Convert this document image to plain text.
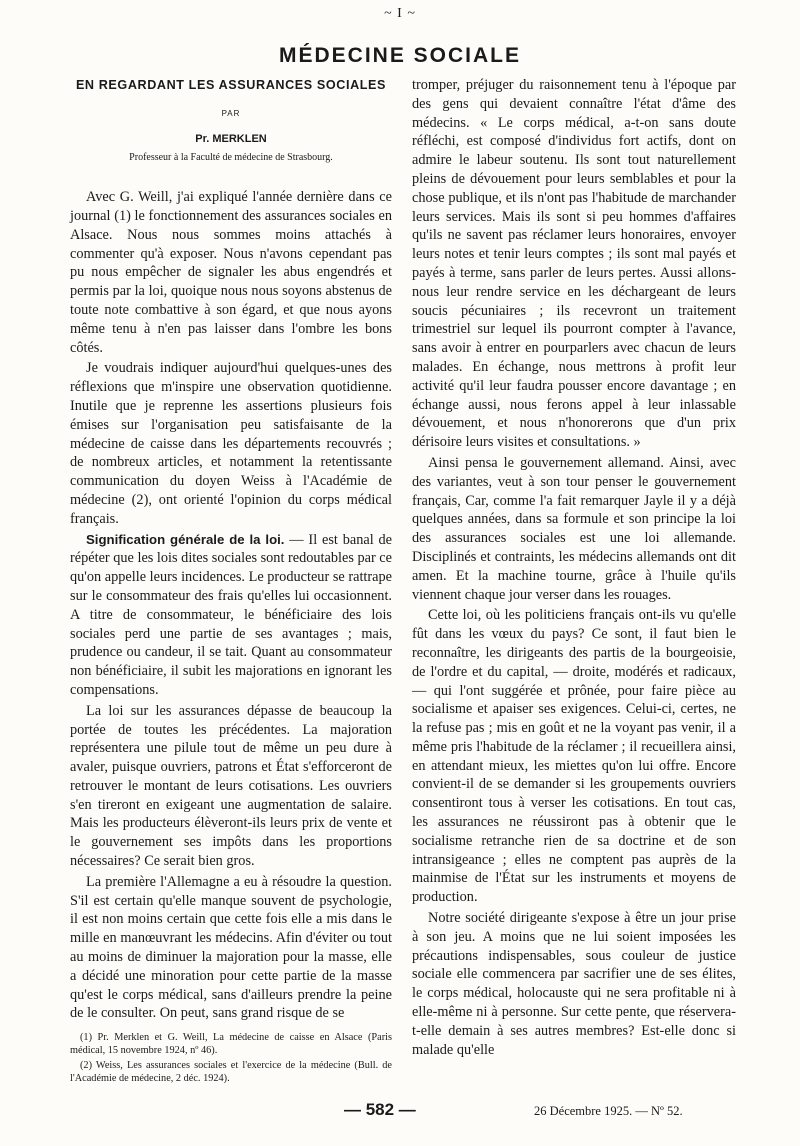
~ I ~
MÉDECINE SOCIALE
EN REGARDANT LES ASSURANCES SOCIALES
PAR
Pr. MERKLEN
Professeur à la Faculté de médecine de Strasbourg.

Avec G. Weill, j'ai expliqué l'année dernière dans ce journal (1) le fonctionnement des assurances sociales en Alsace. Nous nous sommes moins attachés à commenter qu'à exposer. Nous n'avons cependant pas pu nous empêcher de signaler les abus engendrés et permis par la loi, quoique nous nous soyons abstenus de toute note combattive à son égard, et que nous ayons même tenu à n'en pas laisser dans l'ombre les bons côtés.

Je voudrais indiquer aujourd'hui quelques-unes des réflexions que m'inspire une observation quotidienne. Inutile que je reprenne les assertions plusieurs fois émises sur l'organisation peu satisfaisante de la médecine de caisse dans les départements recouvrés ; de nombreux articles, et notamment la retentissante communication du doyen Weiss à l'Académie de médecine (2), ont orienté l'opinion du corps médical français.

Signification générale de la loi. — Il est banal de répéter que les lois dites sociales sont redoutables par ce qu'on appelle leurs incidences. Le producteur se rattrape sur le consommateur des frais qu'elles lui occasionnent. A titre de consommateur, le bénéficiaire des lois sociales perd une partie de ses avantages ; mais, prudence ou candeur, il se tait. Quant au consommateur non bénéficiaire, il subit les majorations en ignorant les compensations.

La loi sur les assurances dépasse de beaucoup la portée de toutes les précédentes. La majoration représentera une pilule tout de même un peu dure à avaler, puisque ouvriers, patrons et État s'efforceront de retrouver le montant de leurs cotisations. Les ouvriers s'en tireront en exigeant une augmentation de salaire. Mais les producteurs élèveront-ils leurs prix de vente et le gouvernement ses impôts dans les proportions nécessaires? Ce serait bien gros.

La première l'Allemagne a eu à résoudre la question. S'il est certain qu'elle manque souvent de psychologie, il est non moins certain que cette fois elle a mis dans le mille en manœuvrant les médecins. Afin d'éviter ou tout au moins de diminuer la majoration pour la masse, elle a décidé une minoration pour cette partie de la masse qu'est le corps médical, sans d'ailleurs prendre la peine de le consulter. On peut, sans grand risque de se

tromper, préjuger du raisonnement tenu à l'époque par des gens qui devaient connaître l'état d'âme des médecins. « Le corps médical, a-t-on sans doute réfléchi, est composé d'individus fort actifs, dont on admire le labeur soutenu. Ils sont tout naturellement pleins de dévouement pour leurs semblables et pour la chose publique, et ils n'ont pas l'habitude de marchander leurs services. Mais ils sont si peu hommes d'affaires qu'ils ne savent pas réclamer leurs honoraires, envoyer leurs notes et tenir leurs comptes ; ils sont mal payés et payés à terme, sans parler de leurs pertes. Aussi allons-nous leur rendre service en les déchargeant de leurs soucis pécuniaires ; ils recevront un traitement trimestriel sur lequel ils pourront compter à l'avance, sans avoir à entrer en pourparlers avec chacun de leurs malades. En échange, nous mettrons à profit leur activité qu'il leur faudra pousser encore davantage ; en échange aussi, nous ferons appel à leur inlassable dévouement, et nous n'honorerons que d'un prix dérisoire leurs visites et consultations. »

Ainsi pensa le gouvernement allemand. Ainsi, avec des variantes, veut à son tour penser le gouvernement français, Car, comme l'a fait remarquer Jayle il y a déjà quelques années, dans sa formule et son principe la loi des assurances sociales est une loi allemande. Disciplinés et contraints, les médecins allemands ont dit amen. Et la machine tourne, grâce à l'huile qu'ils viennent chaque jour verser dans les rouages.

Cette loi, où les politiciens français ont-ils vu qu'elle fût dans les vœux du pays? Ce sont, il faut bien le reconnaître, les dirigeants des partis de la bourgeoisie, de l'ordre et du capital, — droite, modérés et radicaux, — qui l'ont suggérée et prônée, pour faire pièce au socialisme et apaiser ses exigences. Celui-ci, certes, ne la refuse pas ; mis en goût et ne la voyant pas venir, il a même pris l'habitude de la réclamer ; il recueillera ainsi, en attendant mieux, les miettes qu'on lui offre. Encore convient-il de se demander si les groupements ouvriers consentiront tous à verser les cotisations. En tout cas, les assurances ne réussiront pas à obtenir que le socialisme retranche rien de sa doctrine et de son intransigeance ; elles ne comptent pas auprès de la mainmise de l'État sur les instruments et moyens de production.

Notre société dirigeante s'expose à être un jour prise à son jeu. A moins que ne lui soient imposées les précautions indispensables, sous couleur de justice sociale elle commencera par sacrifier une de ses élites, le corps médical, holocauste qui ne sera profitable ni à elle-même ni à personne. Sur cette pente, que réservera-t-elle demain à ses autres membres? Est-elle donc si malade qu'elle

(1) Pr. Merklen et G. Weill, La médecine de caisse en Alsace (Paris médical, 15 novembre 1924, nº 46).

(2) Weiss, Les assurances sociales et l'exercice de la médecine (Bull. de l'Académie de médecine, 2 déc. 1924).

— 582 —	26 Décembre 1925. — Nº 52.
